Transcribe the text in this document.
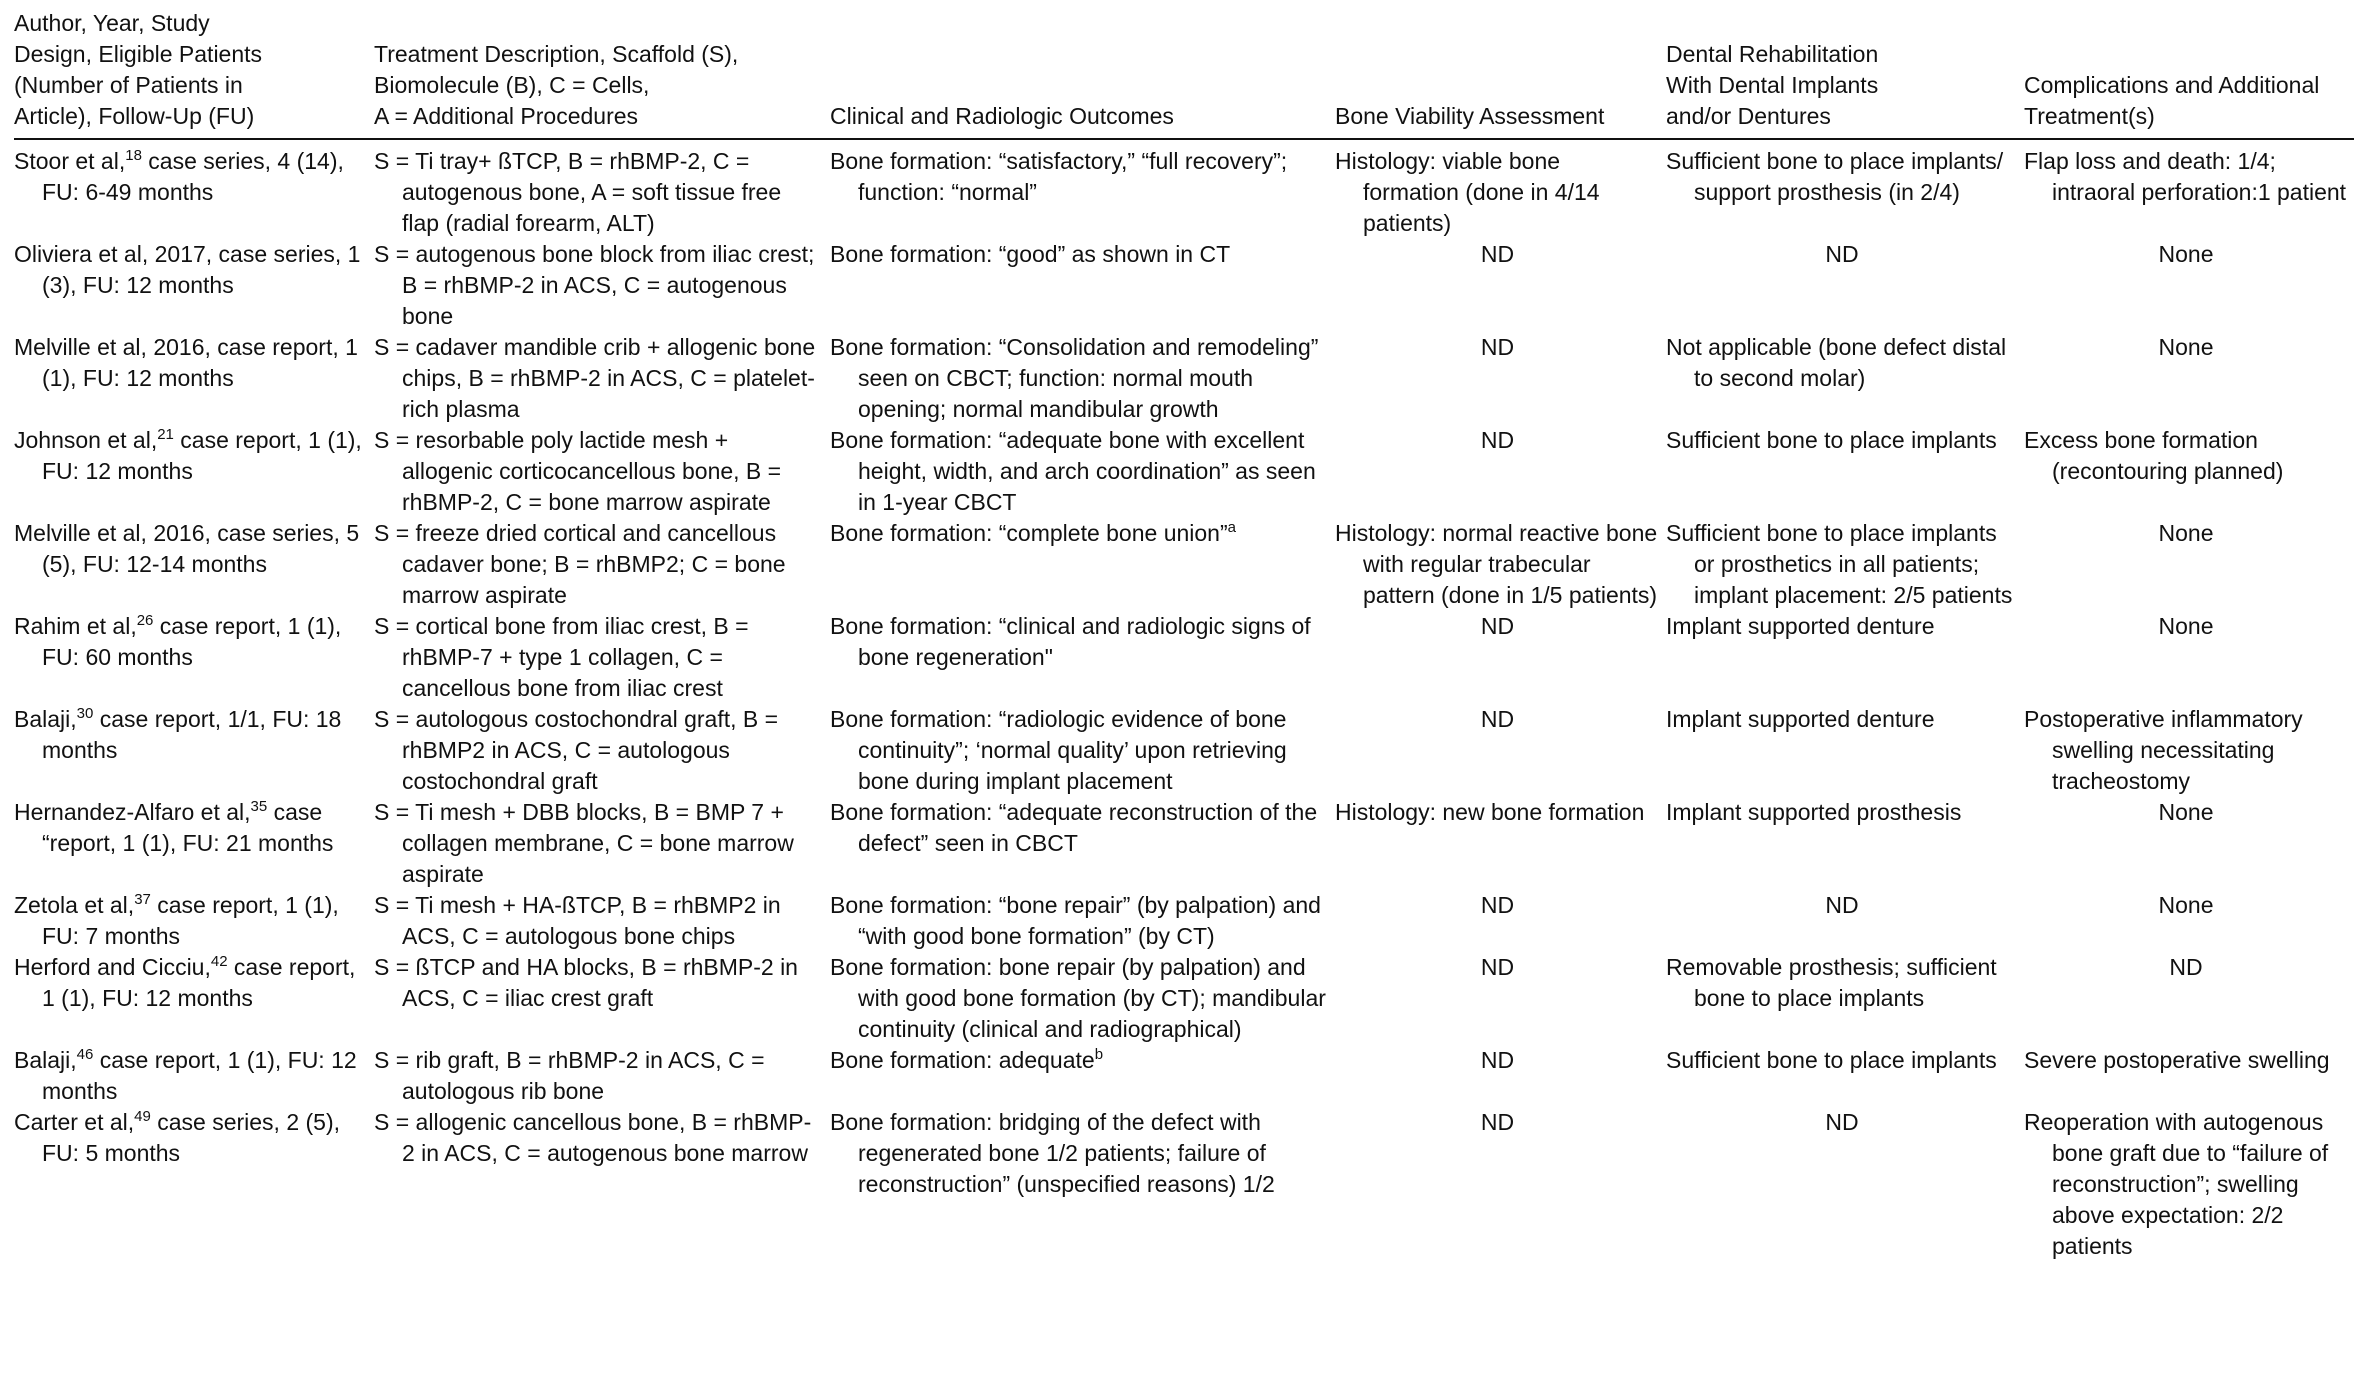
Author, Year, Study
Design, Eligible Patients
(Number of Patients in
Article), Follow-Up (FU)	Treatment Description, Scaffold (S),
Biomolecule (B), C = Cells,
A = Additional Procedures	Clinical and Radiologic Outcomes	Bone Viability Assessment	Dental Rehabilitation
With Dental Implants
and/or Dentures	Complications and Additional
Treatment(s)

Stoor et al,$^{18}$ case series, 4 (14), FU: 6-49 months	S = Ti tray+ ßTCP, B = rhBMP-2, C = autogenous bone, A = soft tissue free flap (radial forearm, ALT)	Bone formation: “satisfactory,” “full recovery”; function: “normal”	Histology: viable bone formation (done in 4/14 patients)	Sufficient bone to place implants/ support prosthesis (in 2/4)	Flap loss and death: 1/4; intraoral perforation:1 patient

Oliviera et al, 2017, case series, 1 (3), FU: 12 months	S = autogenous bone block from iliac crest; B = rhBMP-2 in ACS, C = autogenous bone	Bone formation: “good” as shown in CT	ND	ND	None

Melville et al, 2016, case report, 1 (1), FU: 12 months	S = cadaver mandible crib + allogenic bone chips, B = rhBMP-2 in ACS, C = platelet-rich plasma	Bone formation: “Consolidation and remodeling” seen on CBCT; function: normal mouth opening; normal mandibular growth	ND	Not applicable (bone defect distal to second molar)	None

Johnson et al,$^{21}$ case report, 1 (1), FU: 12 months	S = resorbable poly lactide mesh + allogenic corticocancellous bone, B = rhBMP-2, C = bone marrow aspirate	Bone formation: “adequate bone with excellent height, width, and arch coordination” as seen in 1-year CBCT	ND	Sufficient bone to place implants	Excess bone formation (recontouring planned)

Melville et al, 2016, case series, 5 (5), FU: 12-14 months	S = freeze dried cortical and cancellous cadaver bone; B = rhBMP2; C = bone marrow aspirate	Bone formation: “complete bone union”$^a$	Histology: normal reactive bone with regular trabecular pattern (done in 1/5 patients)	Sufficient bone to place implants or prosthetics in all patients; implant placement: 2/5 patients	None

Rahim et al,$^{26}$ case report, 1 (1), FU: 60 months	S = cortical bone from iliac crest, B = rhBMP-7 + type 1 collagen, C = cancellous bone from iliac crest	Bone formation: “clinical and radiologic signs of bone regeneration"	ND	Implant supported denture	None

Balaji,$^{30}$ case report, 1/1, FU: 18 months	S = autologous costochondral graft, B = rhBMP2 in ACS, C = autologous costochondral graft	Bone formation: “radiologic evidence of bone continuity”; ‘normal quality’ upon retrieving bone during implant placement	ND	Implant supported denture	Postoperative inflammatory swelling necessitating tracheostomy

Hernandez-Alfaro et al,$^{35}$ case “report, 1 (1), FU: 21 months	S = Ti mesh + DBB blocks, B = BMP 7 + collagen membrane, C = bone marrow aspirate	Bone formation: “adequate reconstruction of the defect” seen in CBCT	Histology: new bone formation	Implant supported prosthesis	None

Zetola et al,$^{37}$ case report, 1 (1), FU: 7 months	S = Ti mesh + HA-ßTCP, B = rhBMP2 in ACS, C = autologous bone chips	Bone formation: “bone repair” (by palpation) and “with good bone formation” (by CT)	ND	ND	None

Herford and Cicciu,$^{42}$ case report, 1 (1), FU: 12 months	S = ßTCP and HA blocks, B = rhBMP-2 in ACS, C = iliac crest graft	Bone formation: bone repair (by palpation) and with good bone formation (by CT); mandibular continuity (clinical and radiographical)	ND	Removable prosthesis; sufficient bone to place implants	ND

Balaji,$^{46}$ case report, 1 (1), FU: 12 months	S = rib graft, B = rhBMP-2 in ACS, C = autologous rib bone	Bone formation: adequate$^b$	ND	Sufficient bone to place implants	Severe postoperative swelling

Carter et al,$^{49}$ case series, 2 (5), FU: 5 months	S = allogenic cancellous bone, B = rhBMP-2 in ACS, C = autogenous bone marrow	Bone formation: bridging of the defect with regenerated bone 1/2 patients; failure of reconstruction” (unspecified reasons) 1/2	ND	ND	Reoperation with autogenous bone graft due to “failure of reconstruction”; swelling above expectation: 2/2 patients
